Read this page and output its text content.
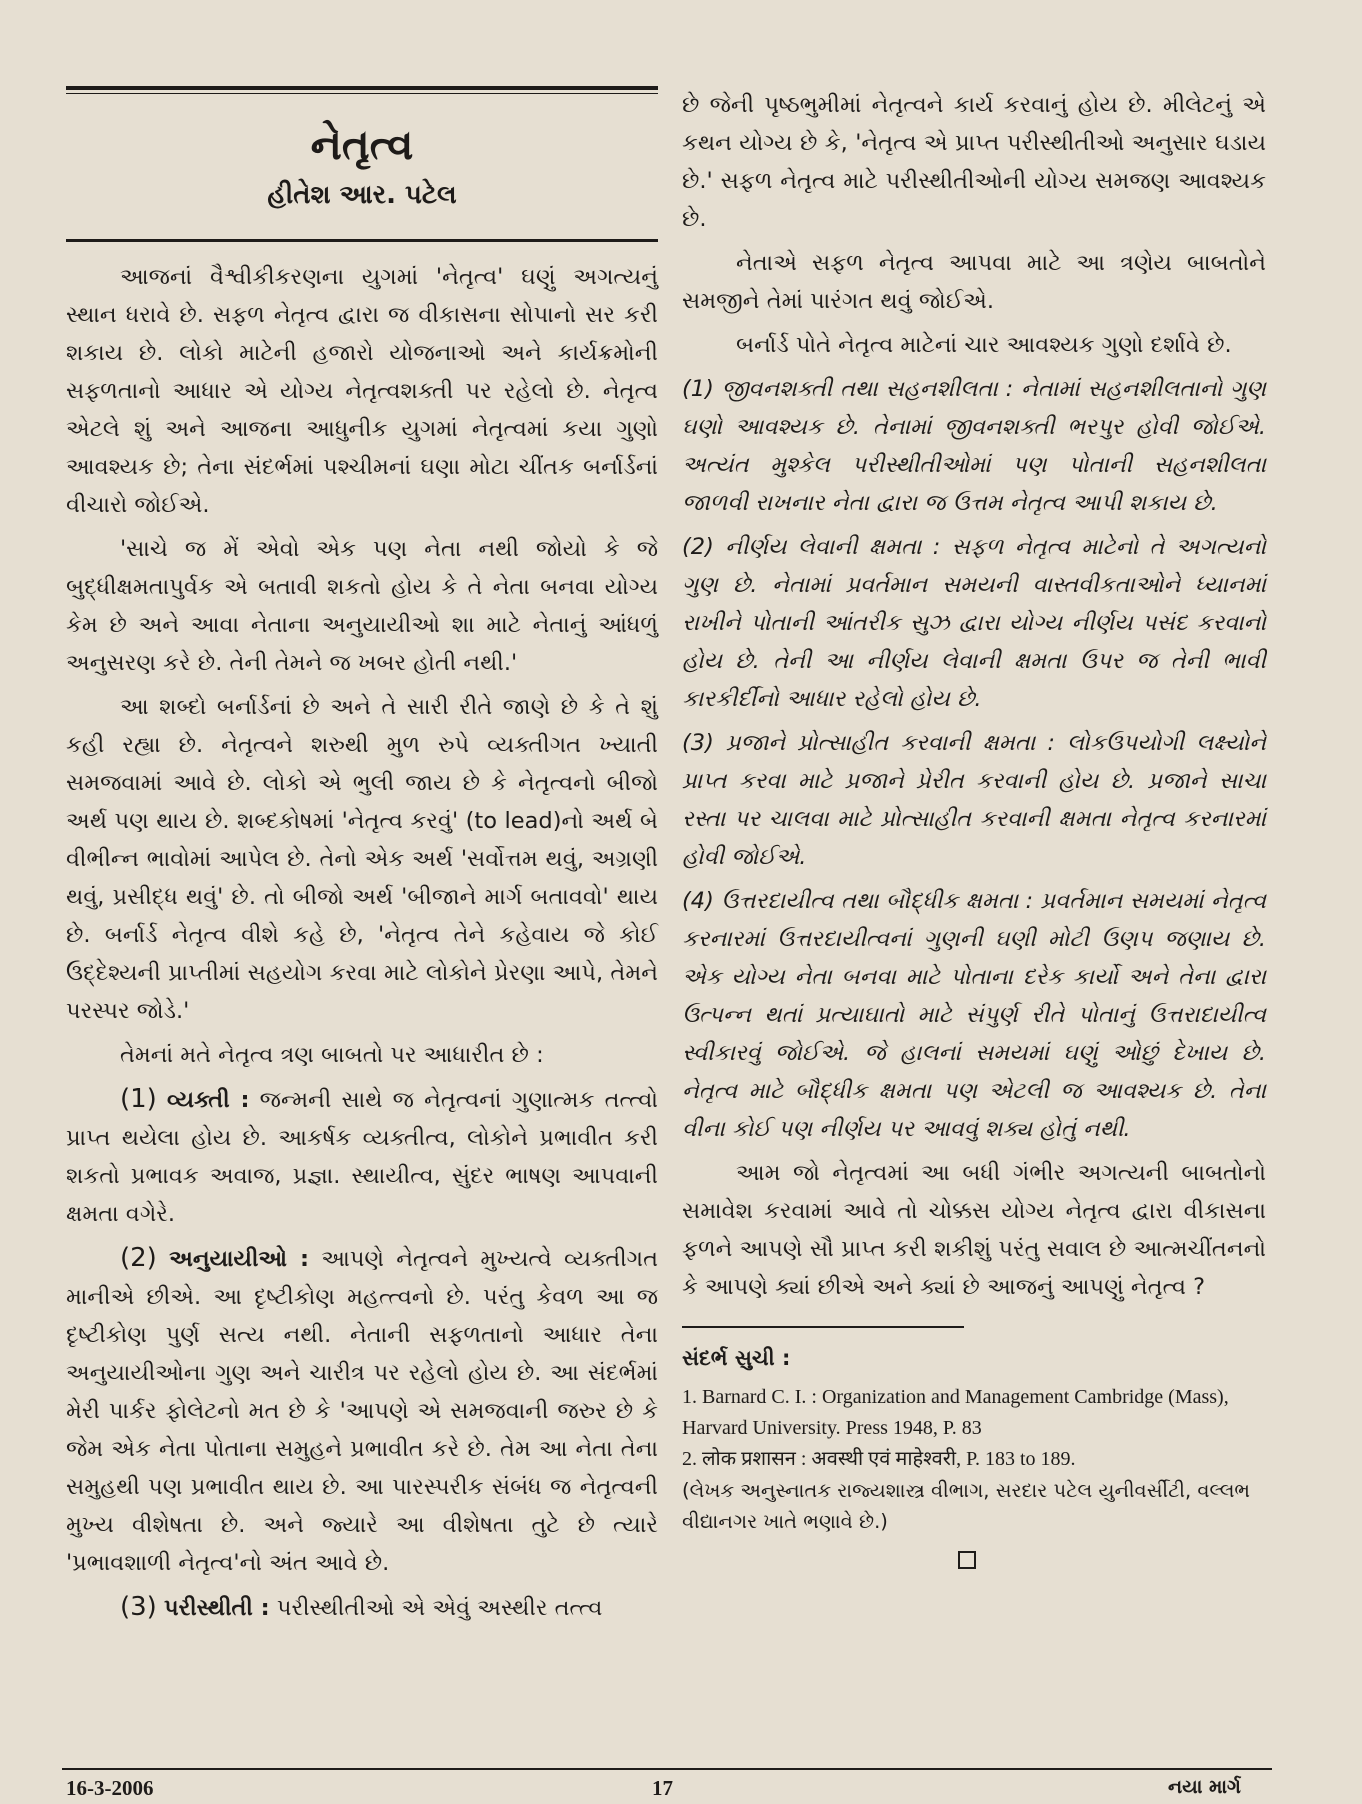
નેતૃત્વ
હીતેશ આર. પટેલ

આજનાં વૈશ્વીકીકરણના યુગમાં 'નેતૃત્વ' ઘણું અગત્યનું સ્થાન ધરાવે છે. સફળ નેતૃત્વ દ્વારા જ વીકાસના સોપાનો સર કરી શકાય છે. લોકો માટેની હજારો યોજનાઓ અને કાર્યક્રમોની સફળતાનો આધાર એ યોગ્ય નેતૃત્વશક્તી પર રહેલો છે. નેતૃત્વ એટલે શું અને આજના આધુનીક યુગમાં નેતૃત્વમાં કયા ગુણો આવશ્યક છે; તેના સંદર્ભમાં પશ્ચીમનાં ઘણા મોટા ચીંતક બર્નાર્ડનાં વીચારો જોઈએ.

'સાચે જ મેં એવો એક પણ નેતા નથી જોયો કે જે બુદ્ધીક્ષમતાપુર્વક એ બતાવી શકતો હોય કે તે નેતા બનવા યોગ્ય કેમ છે અને આવા નેતાના અનુયાયીઓ શા માટે નેતાનું આંધળું અનુસરણ કરે છે. તેની તેમને જ ખબર હોતી નથી.'

આ શબ્દો બર્નાર્ડનાં છે અને તે સારી રીતે જાણે છે કે તે શું કહી રહ્યા છે. નેતૃત્વને શરુથી મુળ રુપે વ્યક્તીગત ખ્યાતી સમજવામાં આવે છે. લોકો એ ભુલી જાય છે કે નેતૃત્વનો બીજો અર્થ પણ થાય છે. શબ્દકોષમાં 'નેતૃત્વ કરવું' (to lead)નો અર્થ બે વીભીન્ન ભાવોમાં આપેલ છે. તેનો એક અર્થ 'સર્વોત્તમ થવું, અગ્રણી થવું, પ્રસીદ્ધ થવું' છે. તો બીજો અર્થ 'બીજાને માર્ગ બતાવવો' થાય છે. બર્નાર્ડ નેતૃત્વ વીશે કહે છે, 'નેતૃત્વ તેને કહેવાય જે કોઈ ઉદ્દેશ્યની પ્રાપ્તીમાં સહયોગ કરવા માટે લોકોને પ્રેરણા આપે, તેમને પરસ્પર જોડે.'

તેમનાં મતે નેતૃત્વ ત્રણ બાબતો પર આધારીત છે :

(1) વ્યક્તી : જન્મની સાથે જ નેતૃત્વનાં ગુણાત્મક તત્ત્વો પ્રાપ્ત થયેલા હોય છે. આકર્ષક વ્યક્તીત્વ, લોકોને પ્રભાવીત કરી શકતો પ્રભાવક અવાજ, પ્રજ્ઞા. સ્થાયીત્વ, સુંદર ભાષણ આપવાની ક્ષમતા વગેરે.

(2) અનુયાયીઓ : આપણે નેતૃત્વને મુખ્યત્વે વ્યક્તીગત માનીએ છીએ. આ દૃષ્ટીકોણ મહત્ત્વનો છે. પરંતુ કેવળ આ જ દૃષ્ટીકોણ પુર્ણ સત્ય નથી. નેતાની સફળતાનો આધાર તેના અનુયાયીઓના ગુણ અને ચારીત્ર પર રહેલો હોય છે. આ સંદર્ભમાં મેરી પાર્કર ફોલેટનો મત છે કે 'આપણે એ સમજવાની જરુર છે કે જેમ એક નેતા પોતાના સમુહને પ્રભાવીત કરે છે. તેમ આ નેતા તેના સમુહથી પણ પ્રભાવીત થાય છે. આ પારસ્પરીક સંબંધ જ નેતૃત્વની મુખ્ય વીશેષતા છે. અને જ્યારે આ વીશેષતા તુટે છે ત્યારે 'પ્રભાવશાળી નેતૃત્વ'નો અંત આવે છે.

(3) પરીસ્થીતી : પરીસ્થીતીઓ એ એવું અસ્થીર તત્ત્વ

છે જેની પૃષ્ઠભુમીમાં નેતૃત્વને કાર્ય કરવાનું હોય છે. મીલેટનું એ કથન યોગ્ય છે કે, 'નેતૃત્વ એ પ્રાપ્ત પરીસ્થીતીઓ અનુસાર ઘડાય છે.' સફળ નેતૃત્વ માટે પરીસ્થીતીઓની યોગ્ય સમજણ આવશ્યક છે.

નેતાએ સફળ નેતૃત્વ આપવા માટે આ ત્રણેય બાબતોને સમજીને તેમાં પારંગત થવું જોઈએ.

બર્નાર્ડ પોતે નેતૃત્વ માટેનાં ચાર આવશ્યક ગુણો દર્શાવે છે.

(1) જીવનશક્તી તથા સહનશીલતા : નેતામાં સહનશીલતાનો ગુણ ઘણો આવશ્યક છે. તેનામાં જીવનશક્તી ભરપુર હોવી જોઈએ. અત્યંત મુશ્કેલ પરીસ્થીતીઓમાં પણ પોતાની સહનશીલતા જાળવી રાખનાર નેતા દ્વારા જ ઉત્તમ નેતૃત્વ આપી શકાય છે.

(2) નીર્ણય લેવાની ક્ષમતા : સફળ નેતૃત્વ માટેનો તે અગત્યનો ગુણ છે. નેતામાં પ્રવર્તમાન સમયની વાસ્તવીકતાઓને ધ્યાનમાં રાખીને પોતાની આંતરીક સુઝ દ્વારા યોગ્ય નીર્ણય પસંદ કરવાનો હોય છે. તેની આ નીર્ણય લેવાની ક્ષમતા ઉપર જ તેની ભાવી કારકીર્દીનો આધાર રહેલો હોય છે.

(3) પ્રજાને પ્રોત્સાહીત કરવાની ક્ષમતા : લોકઉપયોગી લક્ષ્યોને પ્રાપ્ત કરવા માટે પ્રજાને પ્રેરીત કરવાની હોય છે. પ્રજાને સાચા રસ્તા પર ચાલવા માટે પ્રોત્સાહીત કરવાની ક્ષમતા નેતૃત્વ કરનારમાં હોવી જોઈએ.

(4) ઉત્તરદાયીત્વ તથા બૌદ્ધીક ક્ષમતા : પ્રવર્તમાન સમયમાં નેતૃત્વ કરનારમાં ઉત્તરદાયીત્વનાં ગુણની ઘણી મોટી ઉણપ જણાય છે. એક યોગ્ય નેતા બનવા માટે પોતાના દરેક કાર્યો અને તેના દ્વારા ઉત્પન્ન થતાં પ્રત્યાઘાતો માટે સંપુર્ણ રીતે પોતાનું ઉત્તરાદાયીત્વ સ્વીકારવું જોઈએ. જે હાલનાં સમયમાં ઘણું ઓછું દેખાય છે. નેતૃત્વ માટે બૌદ્ધીક ક્ષમતા પણ એટલી જ આવશ્યક છે. તેના વીના કોઈ પણ નીર્ણય પર આવવું શક્ય હોતું નથી.

આમ જો નેતૃત્વમાં આ બધી ગંભીર અગત્યની બાબતોનો સમાવેશ કરવામાં આવે તો ચોક્કસ યોગ્ય નેતૃત્વ દ્વારા વીકાસના ફળને આપણે સૌ પ્રાપ્ત કરી શકીશું પરંતુ સવાલ છે આત્મચીંતનનો કે આપણે ક્યાં છીએ અને ક્યાં છે આજનું આપણું નેતૃત્વ ?

સંદર્ભ સુચી :

1. Barnard C. I. : Organization and Management Cambridge (Mass), Harvard University. Press 1948, P. 83

2. लोक प्रशासन : अवस्थी एवं माहेश्वरी, P. 183 to 189.

(લેખક અનુસ્નાતક રાજ્યશાસ્ત્ર વીભાગ, સરદાર પટેલ યુનીવર્સીટી, વલ્લભ વીદ્યાનગર ખાતે ભણાવે છે.)

16-3-2006	17	નયા માર્ગ
